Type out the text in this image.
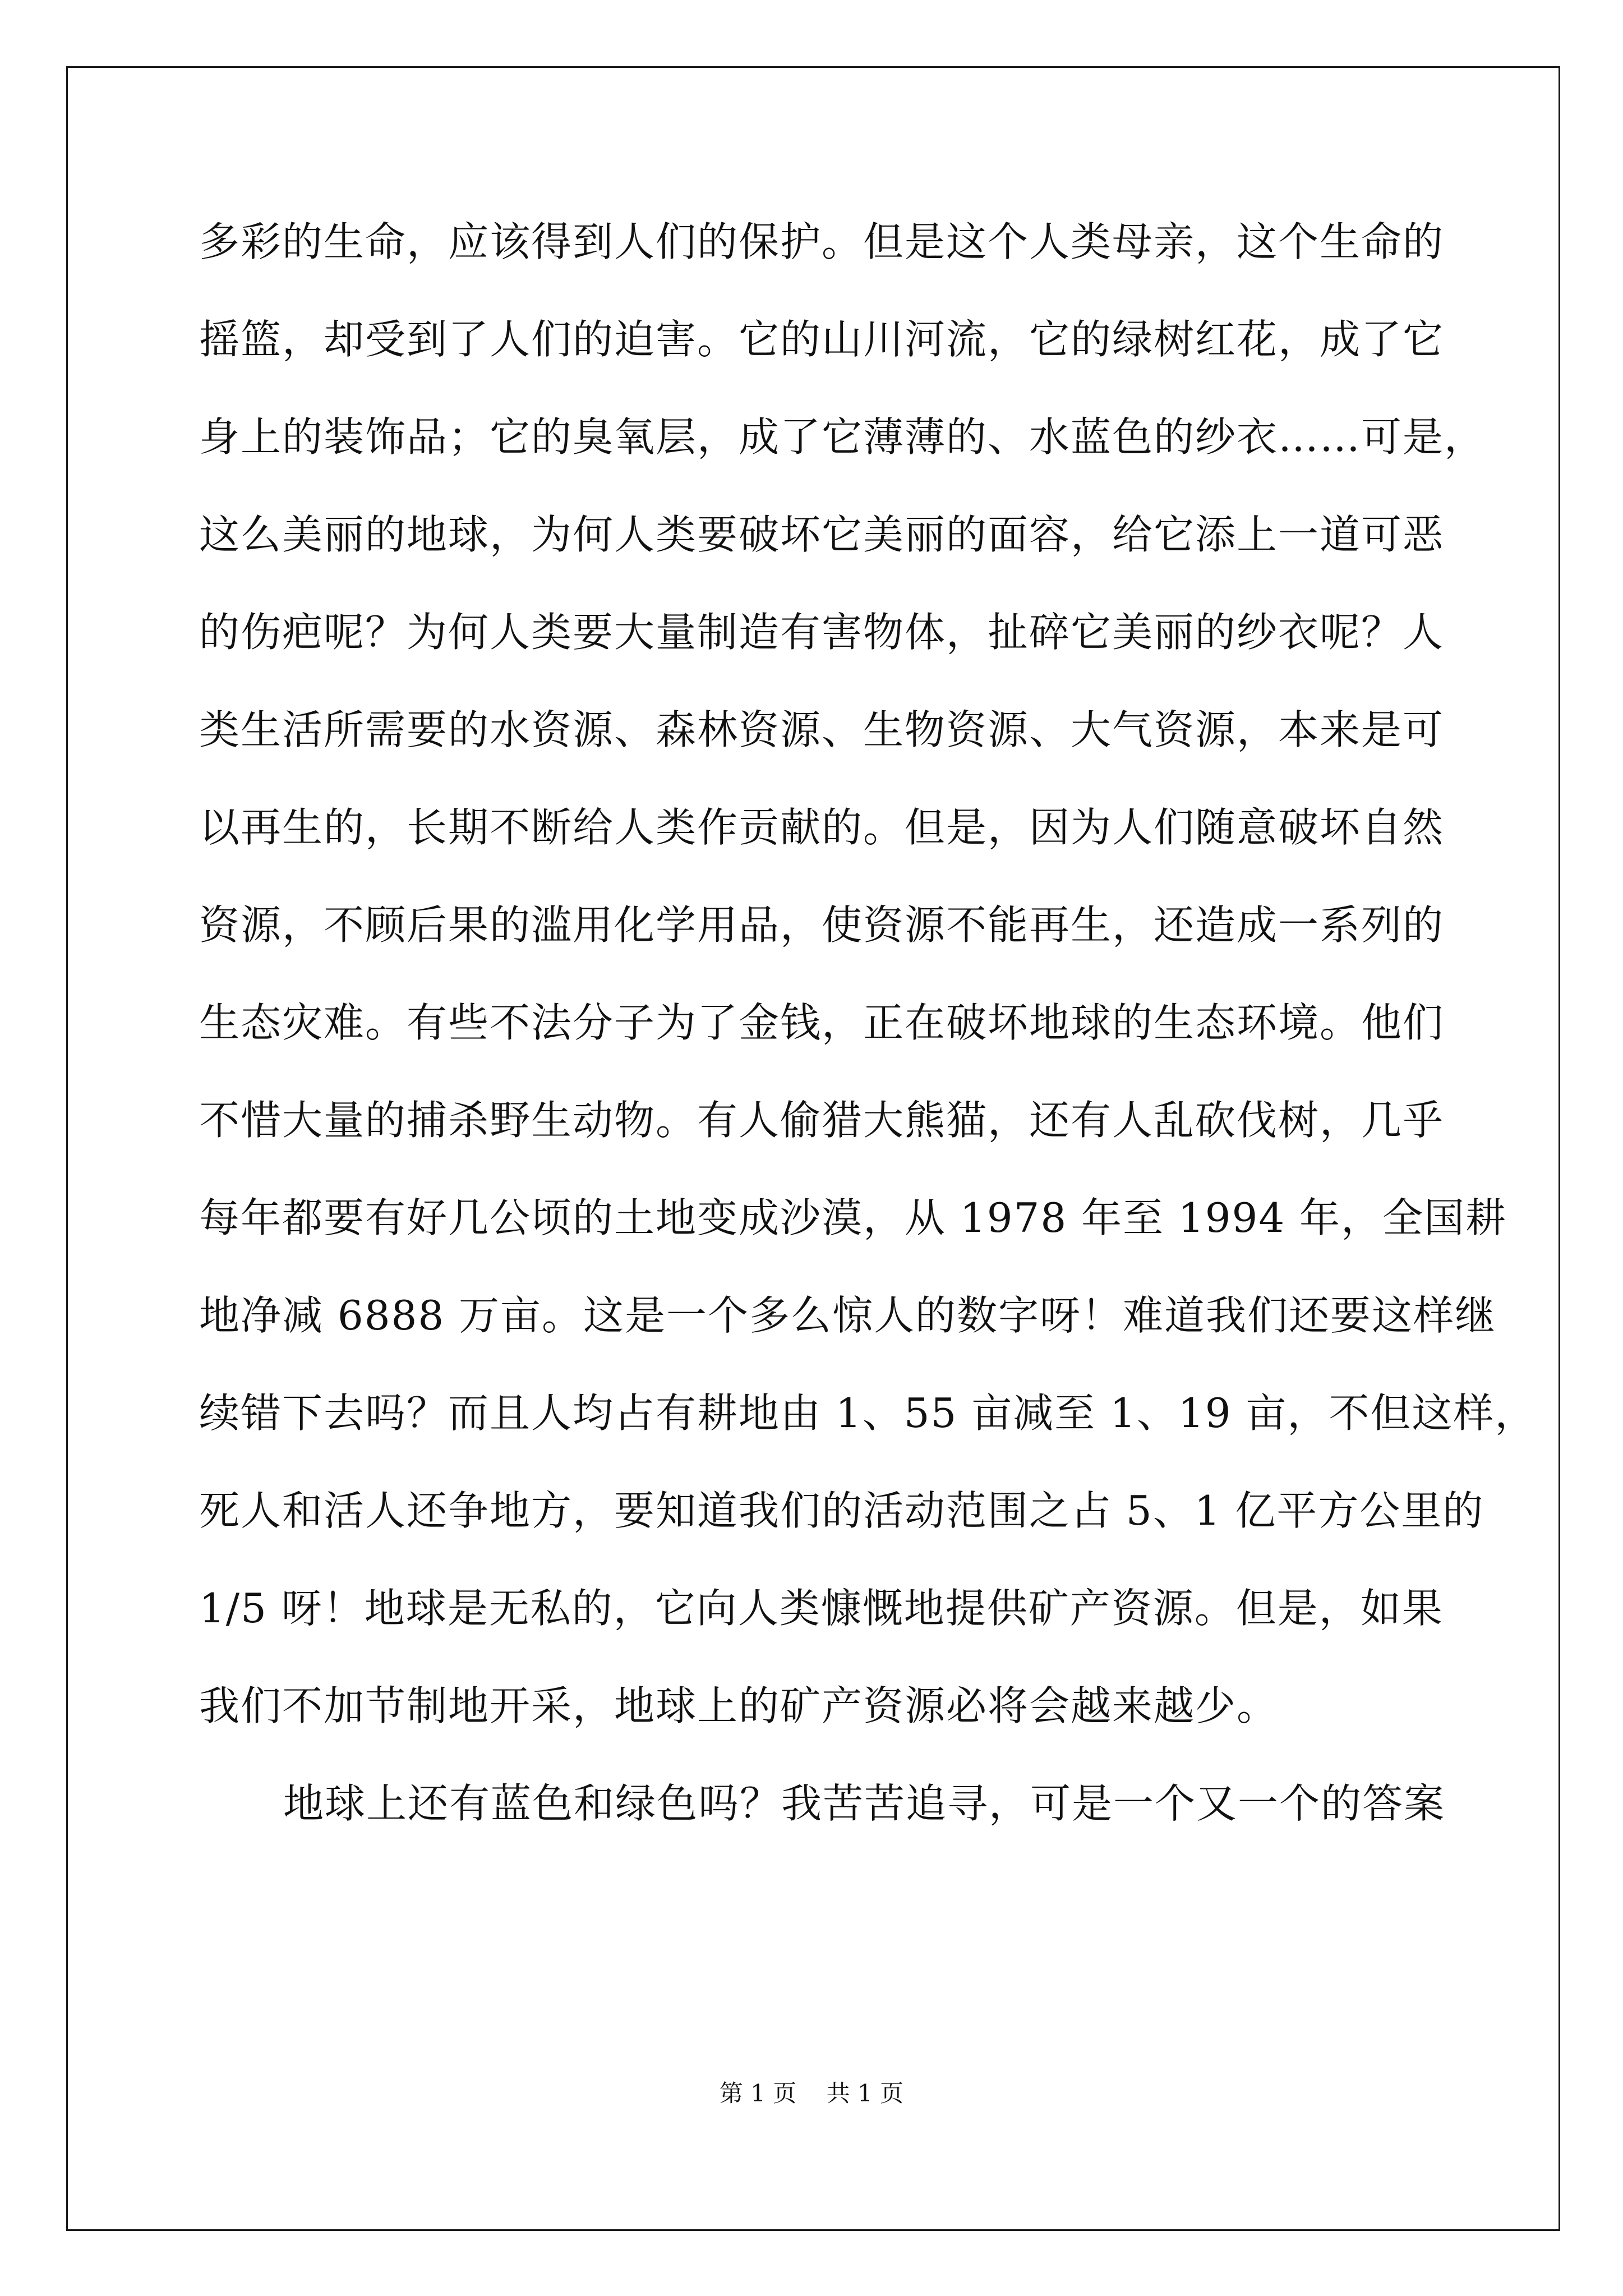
多彩的生命，应该得到人们的保护。但是这个人类母亲，这个生命的
摇篮，却受到了人们的迫害。它的山川河流，它的绿树红花，成了它
身上的装饰品；它的臭氧层，成了它薄薄的、水蓝色的纱衣……可是，
这么美丽的地球，为何人类要破坏它美丽的面容，给它添上一道可恶
的伤疤呢？为何人类要大量制造有害物体，扯碎它美丽的纱衣呢？人
类生活所需要的水资源、森林资源、生物资源、大气资源，本来是可
以再生的，长期不断给人类作贡献的。但是，因为人们随意破坏自然
资源，不顾后果的滥用化学用品，使资源不能再生，还造成一系列的
生态灾难。有些不法分子为了金钱，正在破坏地球的生态环境。他们
不惜大量的捕杀野生动物。有人偷猎大熊猫，还有人乱砍伐树，几乎
每年都要有好几公顷的土地变成沙漠，从 1978 年至 1994 年，全国耕
地净减 6888 万亩。这是一个多么惊人的数字呀！难道我们还要这样继
续错下去吗？而且人均占有耕地由 1、55 亩减至 1、19 亩，不但这样，
死人和活人还争地方，要知道我们的活动范围之占 5、1 亿平方公里的
1/5 呀！地球是无私的，它向人类慷慨地提供矿产资源。但是，如果
我们不加节制地开采，地球上的矿产资源必将会越来越少。
地球上还有蓝色和绿色吗？我苦苦追寻，可是一个又一个的答案
第 1 页    共 1 页
